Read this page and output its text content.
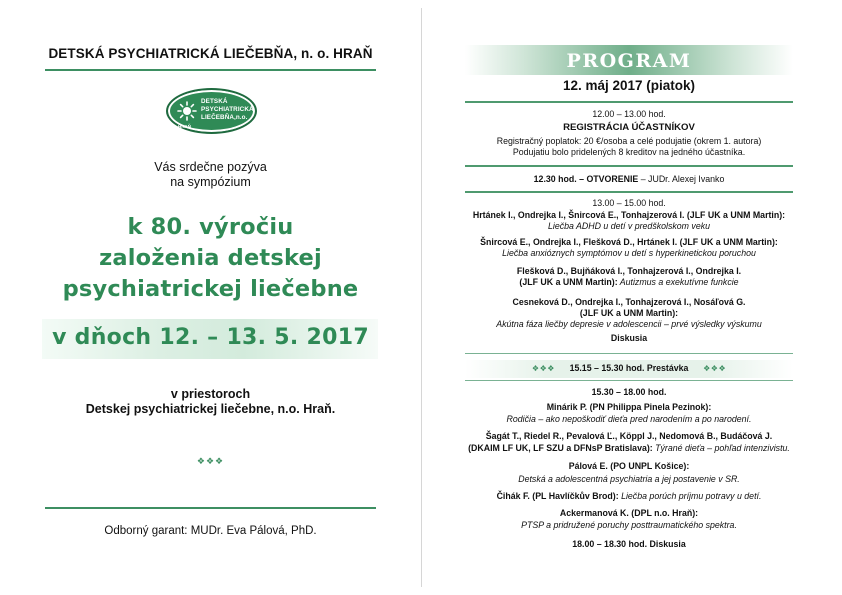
DETSKÁ PSYCHIATRICKÁ LIEČEBŇA, n. o. HRAŇ
DETSKÁ
PSYCHIATRICKÁ
LIEČEBŇA,n.o.
HRAŇ
Vás srdečne pozýva
na sympózium
k 80. výročiu
založenia detskej
psychiatrickej liečebne
v dňoch 12. – 13. 5. 2017
v priestoroch
Detskej psychiatrickej liečebne, n.o. Hraň.
❖❖❖
Odborný garant: MUDr. Eva Pálová, PhD.
PROGRAM
12. máj 2017 (piatok)
12.00 – 13.00 hod.
REGISTRÁCIA ÚČASTNÍKOV
Registračný poplatok: 20 €/osoba a celé podujatie (okrem 1. autora)
Podujatiu bolo pridelených 8 kreditov na jedného účastníka.
12.30 hod. – OTVORENIE – JUDr. Alexej Ivanko
13.00 – 15.00 hod.
Hrtánek I., Ondrejka I., Šnircová E., Tonhajzerová I. (JLF UK a UNM Martin):
Liečba ADHD u detí v predškolskom veku
Šnircová E., Ondrejka I., Flešková D., Hrtánek I. (JLF UK a UNM Martin):
Liečba anxióznych symptómov u detí s hyperkinetickou poruchou
Flešková D., Bujňáková I., Tonhajzerová I., Ondrejka I.
(JLF UK a UNM Martin): Autizmus a exekutívne funkcie
Cesneková D., Ondrejka I., Tonhajzerová I., Nosáľová G.
(JLF UK a UNM Martin):
Akútna fáza liečby depresie v adolescencii – prvé výsledky výskumu
Diskusia
❖❖❖ 15.15 – 15.30 hod. Prestávka ❖❖❖
15.30 – 18.00 hod.
Minárik P. (PN Philippa Pinela Pezinok):
Rodičia – ako nepoškodiť dieťa pred narodením a po narodení.
Šagát T., Riedel R., Pevalová Ľ., Köppl J., Nedomová B., Budáčová J.
(DKAIM LF UK, LF SZU a DFNsP Bratislava): Týrané dieťa – pohľad intenzivistu.
Pálová E. (PO UNPL Košice):
Detská a adolescentná psychiatria a jej postavenie v SR.
Čihák F. (PL Havlíčkův Brod): Liečba porúch príjmu potravy u detí.
Ackermanová K. (DPL n.o. Hraň):
PTSP a pridružené poruchy posttraumatického spektra.
18.00 – 18.30 hod. Diskusia
